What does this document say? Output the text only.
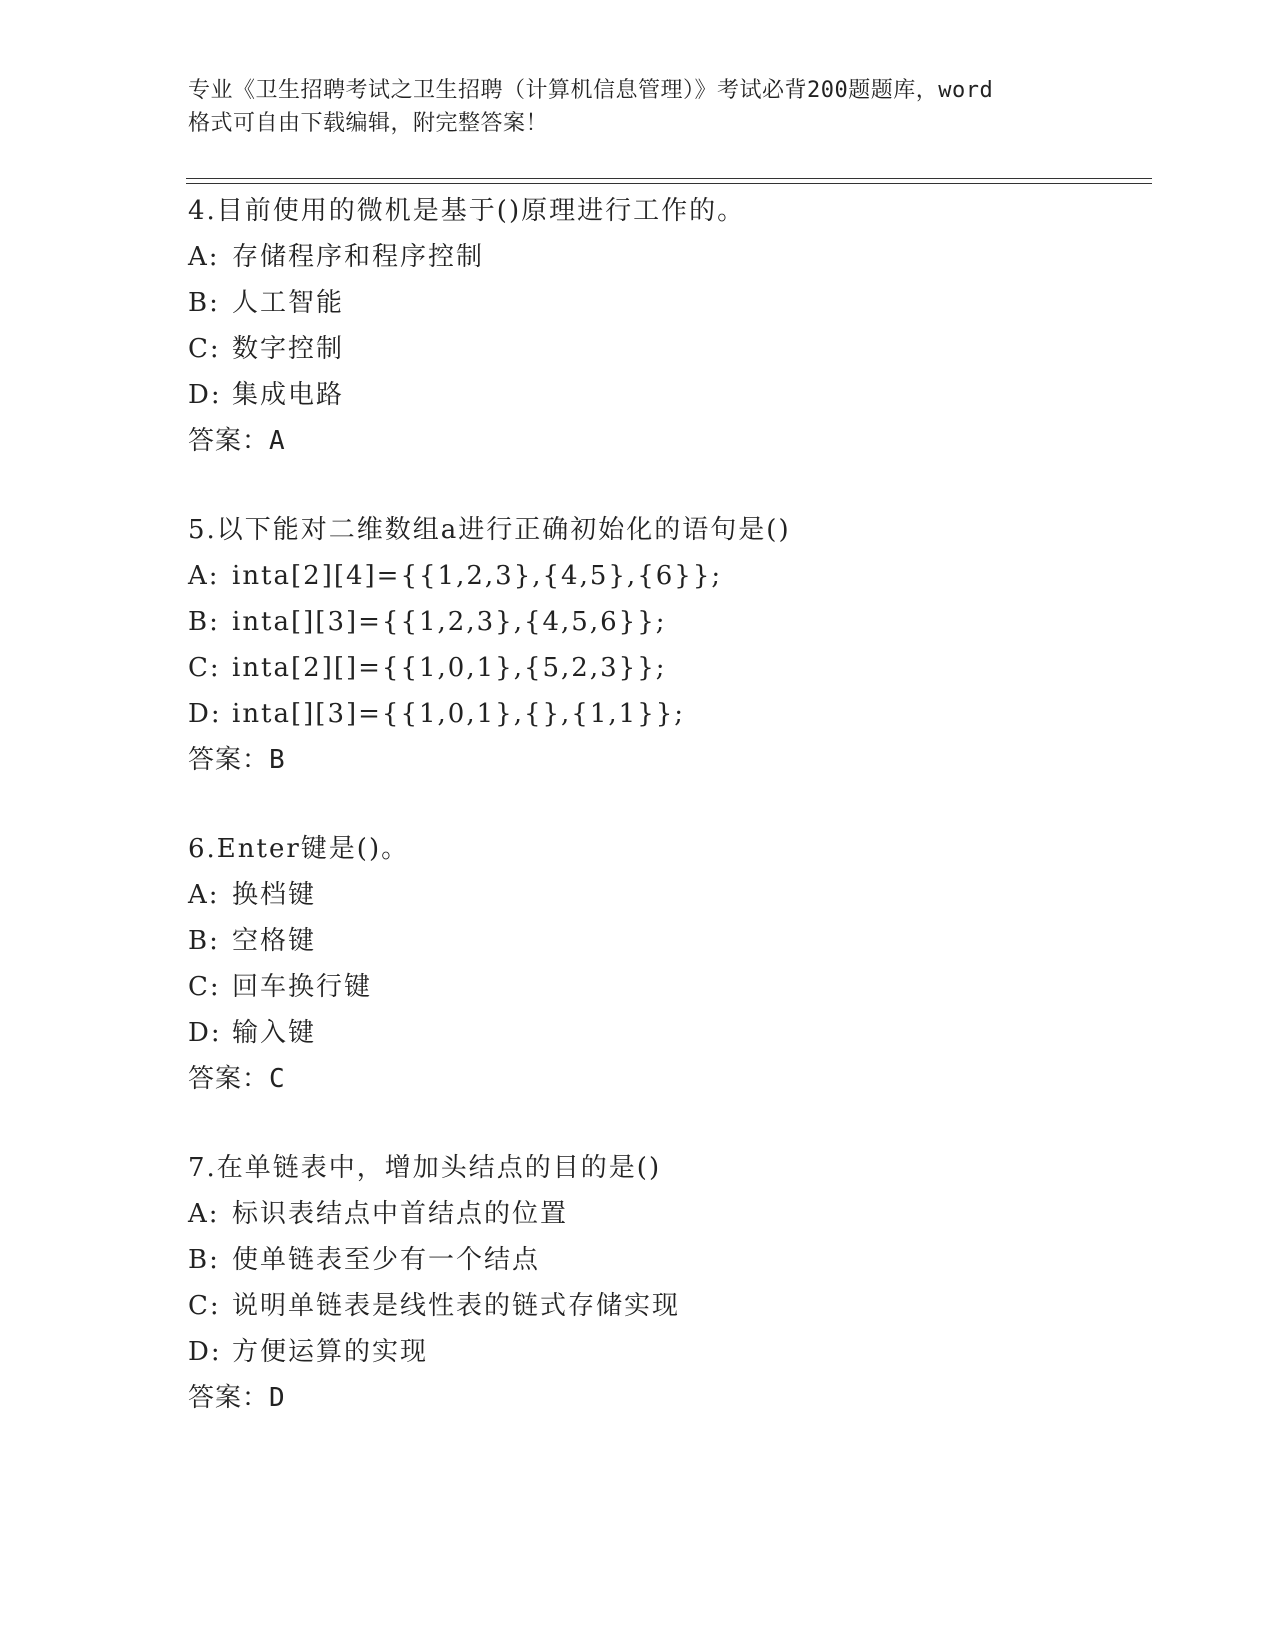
专业《卫生招聘考试之卫生招聘（计算机信息管理）》考试必背200题题库，word
格式可自由下载编辑，附完整答案！
4.目前使用的微机是基于()原理进行工作的。
A: 存储程序和程序控制
B: 人工智能
C: 数字控制
D: 集成电路
答案：A
5.以下能对二维数组a进行正确初始化的语句是()
A: inta[2][4]={{1,2,3},{4,5},{6}};
B: inta[][3]={{1,2,3},{4,5,6}};
C: inta[2][]={{1,0,1},{5,2,3}};
D: inta[][3]={{1,0,1},{},{1,1}};
答案：B
6.Enter键是()。
A: 换档键
B: 空格键
C: 回车换行键
D: 输入键
答案：C
7.在单链表中，增加头结点的目的是()
A: 标识表结点中首结点的位置
B: 使单链表至少有一个结点
C: 说明单链表是线性表的链式存储实现
D: 方便运算的实现
答案：D
